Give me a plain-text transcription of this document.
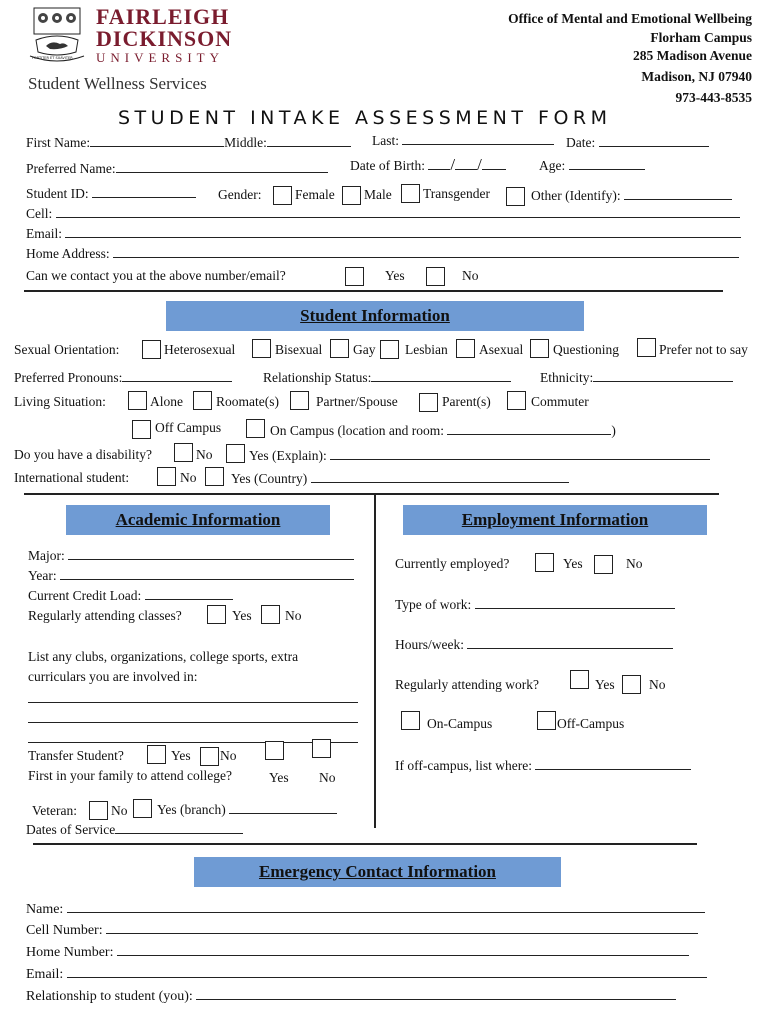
FORTITER ET SUAVITER
FAIRLEIGH
DICKINSON
UNIVERSITY
Student Wellness Services
Office of Mental and Emotional Wellbeing
Florham Campus
285 Madison Avenue
Madison, NJ 07940
973-443-8535
STUDENT INTAKE ASSESSMENT FORM
First Name:	Middle:	Last:	Date:
Preferred Name:	Date of Birth: / /	Age:
Student ID:	Gender: Female Male Transgender	Other (Identify):
Cell:
Email:
Home Address:
Can we contact you at the above number/email?	Yes	No
Student Information
Sexual Orientation:	Heterosexual	Bisexual Gay Lesbian Asexual Questioning	Prefer not to say
Preferred Pronouns:	Relationship Status:	Ethnicity:
Living Situation:	Alone Roomate(s)	Partner/Spouse	Parent(s)	Commuter
Off Campus	On Campus (location and room:	)
Do you have a disability?	No	Yes (Explain):
International student:	No	Yes (Country)
Academic Information
Major:
Year:
Current Credit Load:
Regularly attending classes?	Yes No
List any clubs, organizations, college sports, extra
curriculars you are involved in:
Transfer Student?	Yes No
First in your family to attend college?	Yes No
Veteran:	No Yes (branch)
Dates of Service
Employment Information
Currently employed?	Yes	No
Type of work:
Hours/week:
Regularly attending work?	Yes	No
On-Campus	Off-Campus
If off-campus, list where:
Emergency Contact Information
Name:
Cell Number:
Home Number:
Email:
Relationship to student (you):
